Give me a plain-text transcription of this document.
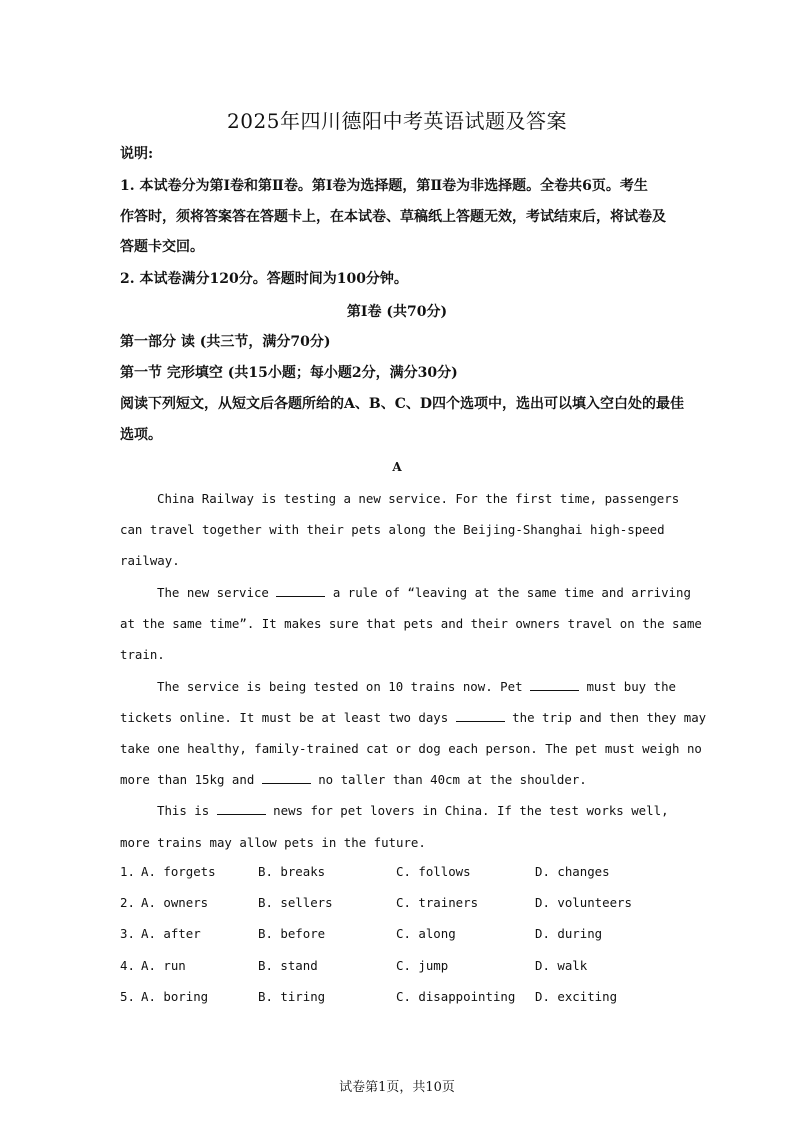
2025年四川德阳中考英语试题及答案
说明:
1. 本试卷分为第Ⅰ卷和第Ⅱ卷。第Ⅰ卷为选择题，第Ⅱ卷为非选择题。全卷共6页。考生
作答时，须将答案答在答题卡上，在本试卷、草稿纸上答题无效，考试结束后，将试卷及
答题卡交回。
2. 本试卷满分120分。答题时间为100分钟。
第Ⅰ卷 (共70分)
第一部分 读 (共三节，满分70分)
第一节 完形填空 (共15小题；每小题2分，满分30分)
阅读下列短文，从短文后各题所给的A、B、C、D四个选项中，选出可以填入空白处的最佳
选项。
A
China Railway is testing a new service. For the first time, passengers
can travel together with their pets along the Beijing-Shanghai high-speed
railway.
The new service	a rule of “leaving at the same time and arriving
at the same time”. It makes sure that pets and their owners travel on the same
train.
The service is being tested on 10 trains now. Pet	must buy the
tickets online. It must be at least two days	the trip and then they may
take one healthy, family-trained cat or dog each person. The pet must weigh no
more than 15kg and	no taller than 40cm at the shoulder.
This is	news for pet lovers in China. If the test works well,
more trains may allow pets in the future.
1. A. forgets	B. breaks	C. follows	D. changes
2. A. owners	B. sellers	C. trainers	D. volunteers
3. A. after	B. before	C. along	D. during
4. A. run	B. stand	C. jump	D. walk
5. A. boring	B. tiring	C. disappointing D. exciting
试卷第1页，共10页
